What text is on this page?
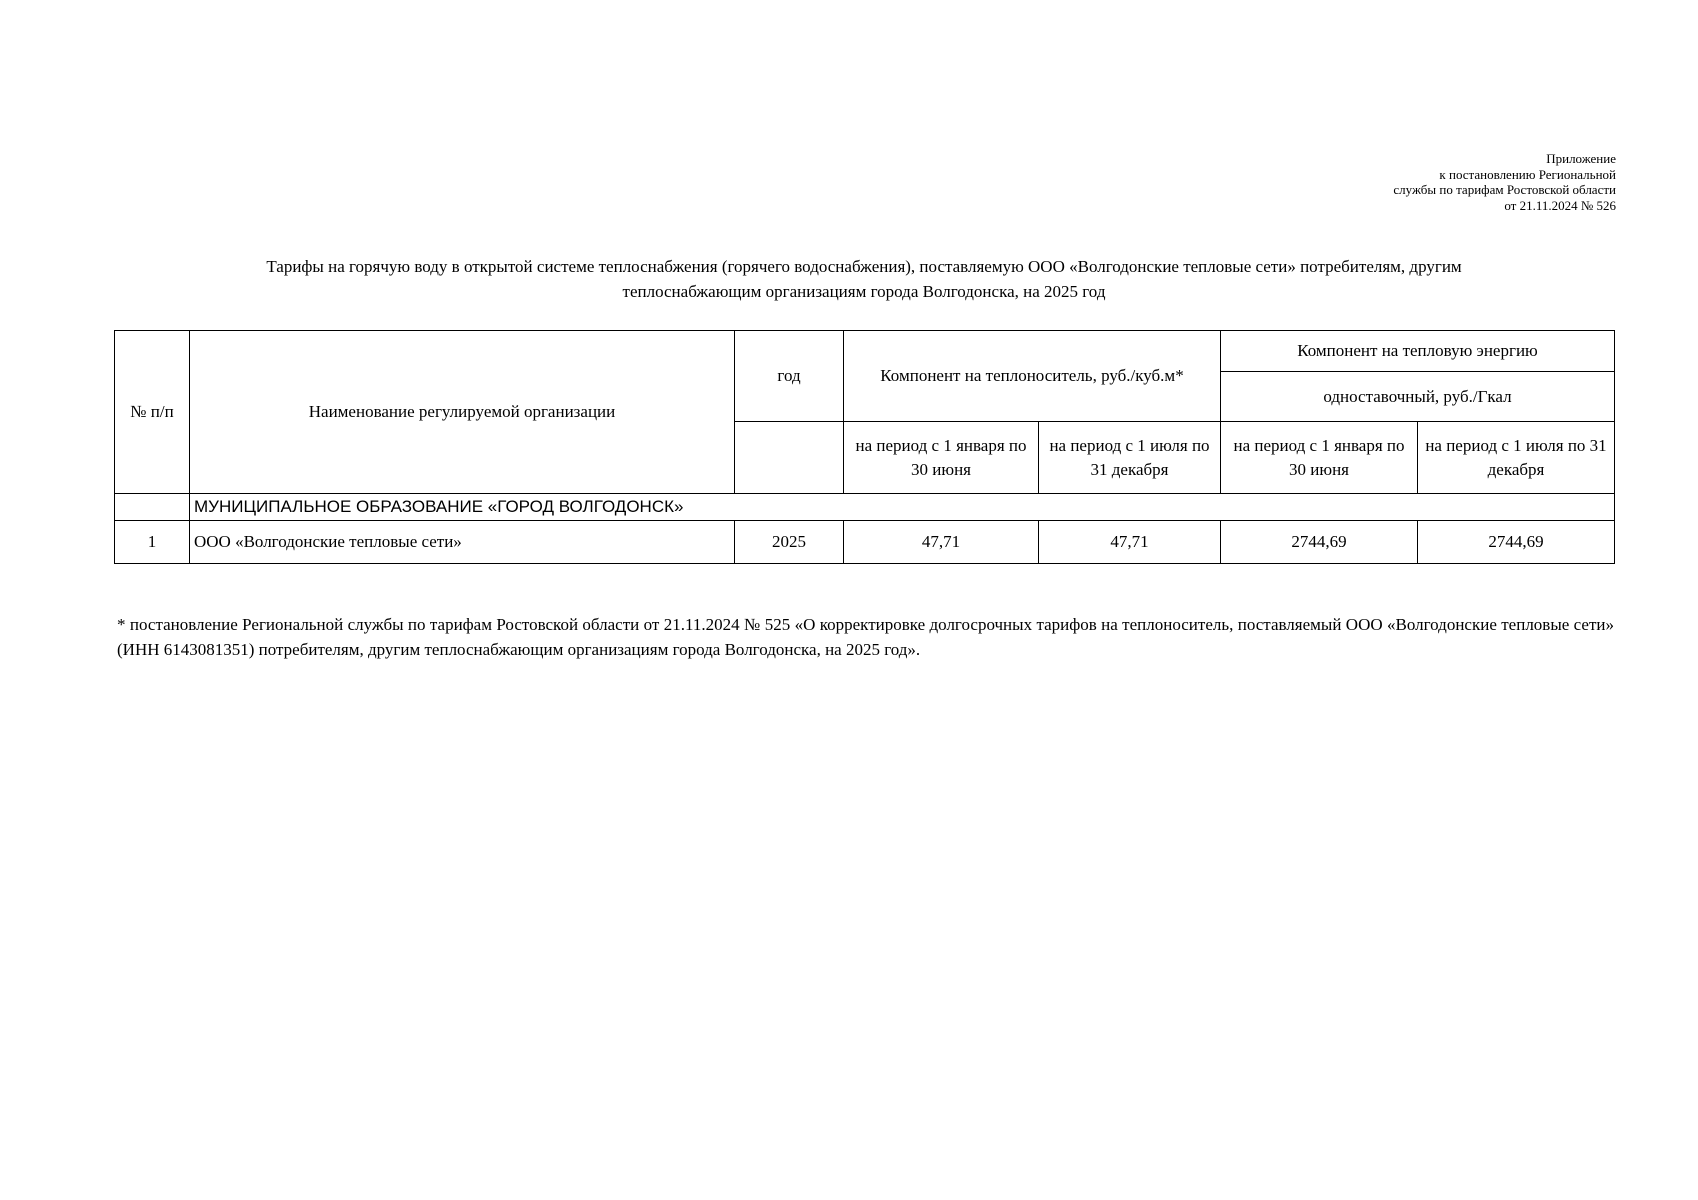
Приложение
к постановлению Региональной
службы по тарифам Ростовской области
от 21.11.2024 № 526
Тарифы на горячую воду в открытой системе теплоснабжения (горячего водоснабжения), поставляемую ООО «Волгодонские тепловые сети» потребителям, другим
теплоснабжающим организациям города Волгодонска, на 2025 год
№ п/п	Наименование регулируемой организации	год	Компонент на теплоноситель, руб./куб.м*		Компонент на тепловую энергию	
					одноставочный, руб./Гкал	
			на период с 1 января по 30 июня	на период с 1 июля по 31 декабря	на период с 1 января по 30 июня	на период с 1 июля по 31 декабря
	МУНИЦИПАЛЬНОЕ ОБРАЗОВАНИЕ «ГОРОД ВОЛГОДОНСК»					
1	ООО «Волгодонские тепловые сети»	2025	47,71	47,71	2744,69	2744,69
* постановление Региональной службы по тарифам Ростовской области от 21.11.2024 № 525 «О корректировке долгосрочных тарифов на теплоноситель, поставляемый ООО «Волгодонские тепловые сети» (ИНН 6143081351) потребителям, другим теплоснабжающим организациям города Волгодонска, на 2025 год».
